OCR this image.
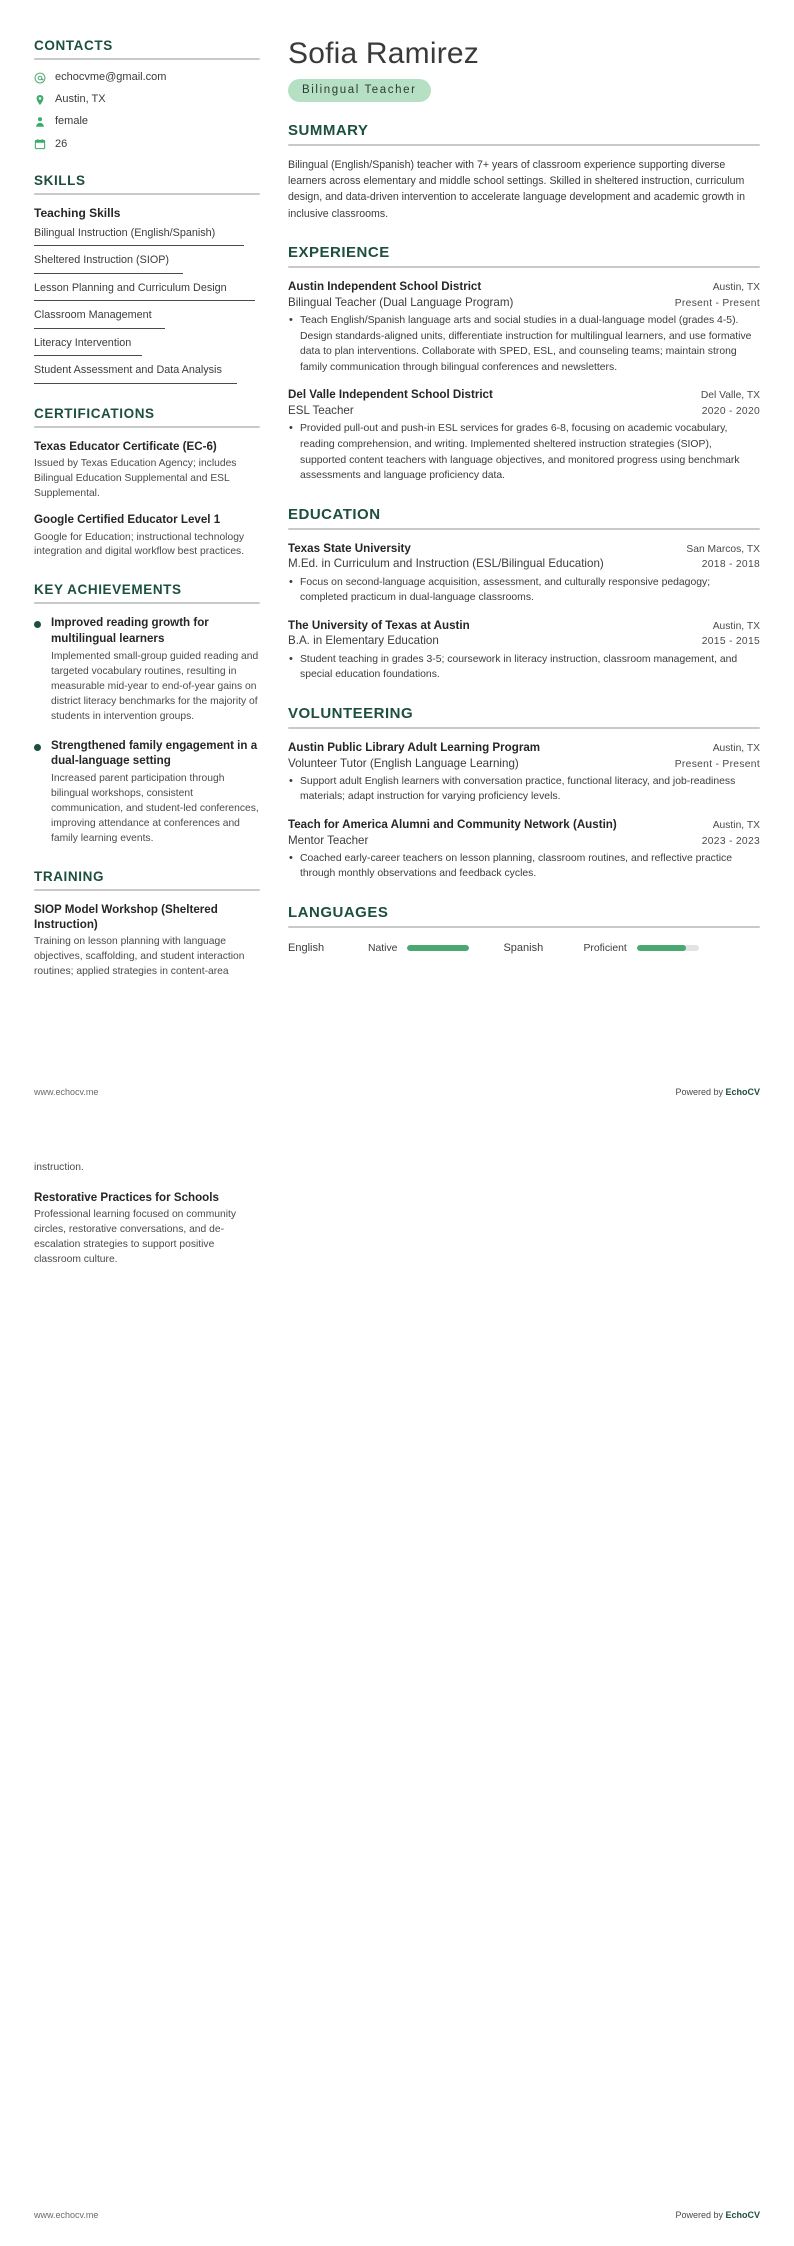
CONTACTS
echocvme@gmail.com
Austin, TX
female
26
SKILLS
Teaching Skills
Bilingual Instruction (English/Spanish)
Sheltered Instruction (SIOP)
Lesson Planning and Curriculum Design
Classroom Management
Literacy Intervention
Student Assessment and Data Analysis
CERTIFICATIONS
Texas Educator Certificate (EC-6)
Issued by Texas Education Agency; includes Bilingual Education Supplemental and ESL Supplemental.
Google Certified Educator Level 1
Google for Education; instructional technology integration and digital workflow best practices.
KEY ACHIEVEMENTS
Improved reading growth for multilingual learners
Implemented small-group guided reading and targeted vocabulary routines, resulting in measurable mid-year to end-of-year gains on district literacy benchmarks for the majority of students in intervention groups.
Strengthened family engagement in a dual-language setting
Increased parent participation through bilingual workshops, consistent communication, and student-led conferences, improving attendance at conferences and family learning events.
TRAINING
SIOP Model Workshop (Sheltered Instruction)
Training on lesson planning with language objectives, scaffolding, and student interaction routines; applied strategies in content-area
Sofia Ramirez
Bilingual Teacher
SUMMARY
Bilingual (English/Spanish) teacher with 7+ years of classroom experience supporting diverse learners across elementary and middle school settings. Skilled in sheltered instruction, curriculum design, and data-driven intervention to accelerate language development and academic growth in inclusive classrooms.
EXPERIENCE
Austin Independent School District	Austin, TX
Bilingual Teacher (Dual Language Program)	Present - Present
• Teach English/Spanish language arts and social studies in a dual-language model (grades 4-5). Design standards-aligned units, differentiate instruction for multilingual learners, and use formative data to plan interventions. Collaborate with SPED, ESL, and counseling teams; maintain strong family communication through bilingual conferences and newsletters.
Del Valle Independent School District	Del Valle, TX
ESL Teacher	2020 - 2020
• Provided pull-out and push-in ESL services for grades 6-8, focusing on academic vocabulary, reading comprehension, and writing. Implemented sheltered instruction strategies (SIOP), supported content teachers with language objectives, and monitored progress using benchmark assessments and language proficiency data.
EDUCATION
Texas State University	San Marcos, TX
M.Ed. in Curriculum and Instruction (ESL/Bilingual Education)	2018 - 2018
• Focus on second-language acquisition, assessment, and culturally responsive pedagogy; completed practicum in dual-language classrooms.
The University of Texas at Austin	Austin, TX
B.A. in Elementary Education	2015 - 2015
• Student teaching in grades 3-5; coursework in literacy instruction, classroom management, and special education foundations.
VOLUNTEERING
Austin Public Library Adult Learning Program	Austin, TX
Volunteer Tutor (English Language Learning)	Present - Present
• Support adult English learners with conversation practice, functional literacy, and job-readiness materials; adapt instruction for varying proficiency levels.
Teach for America Alumni and Community Network (Austin)	Austin, TX
Mentor Teacher	2023 - 2023
• Coached early-career teachers on lesson planning, classroom routines, and reflective practice through monthly observations and feedback cycles.
LANGUAGES
English	Native	Spanish	Proficient
www.echocv.me	Powered by EchoCV
instruction.
Restorative Practices for Schools
Professional learning focused on community circles, restorative conversations, and de-escalation strategies to support positive classroom culture.
www.echocv.me	Powered by EchoCV
